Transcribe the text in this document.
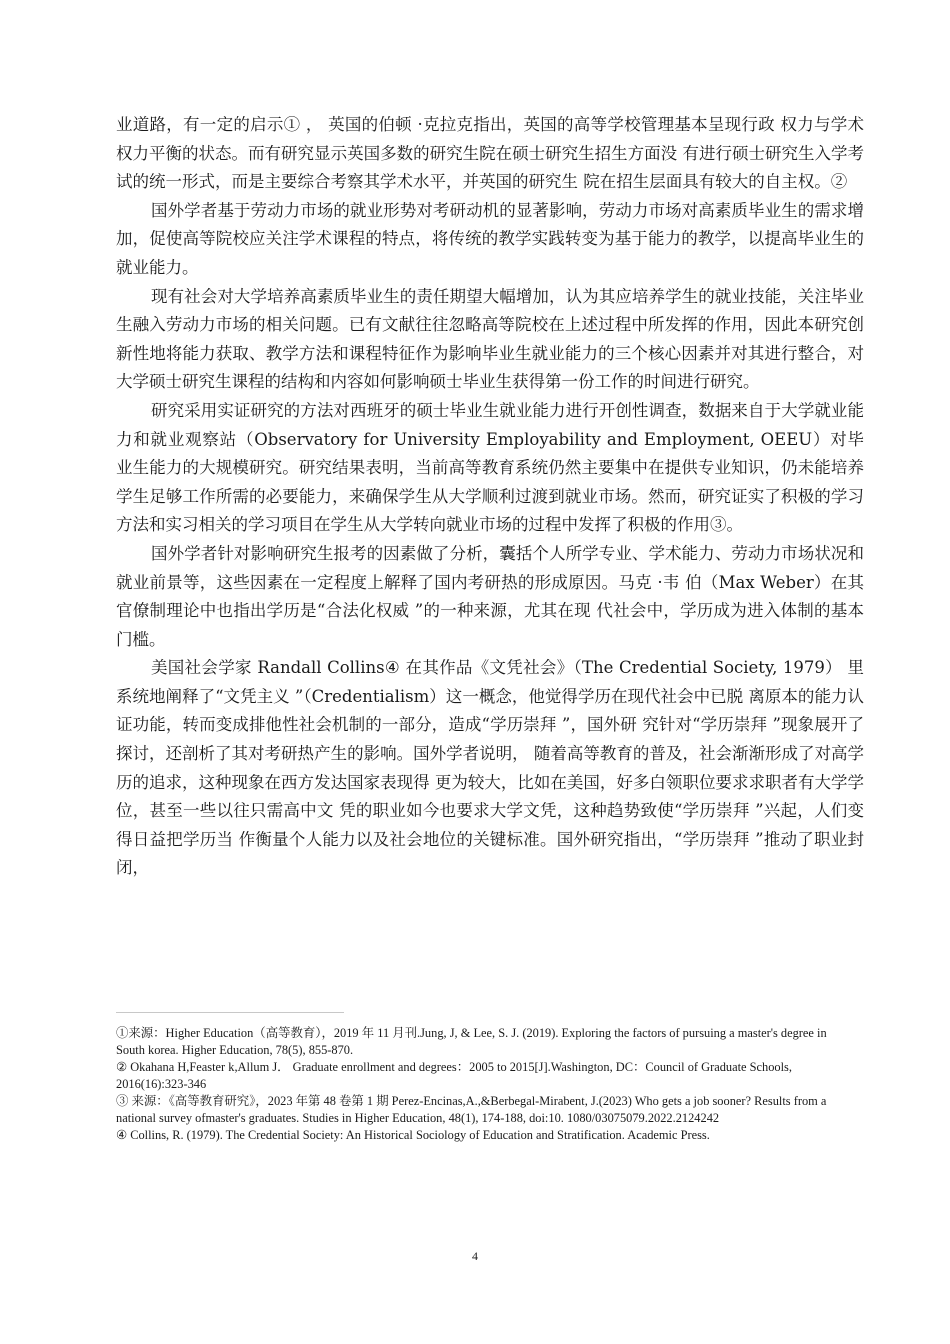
业道路，有一定的启示① ， 英国的伯顿 ·克拉克指出，英国的高等学校管理基本呈现行政 权力与学术权力平衡的状态。而有研究显示英国多数的研究生院在硕士研究生招生方面没 有进行硕士研究生入学考试的统一形式，而是主要综合考察其学术水平，并英国的研究生 院在招生层面具有较大的自主权。②

国外学者基于劳动力市场的就业形势对考研动机的显著影响，劳动力市场对高素质毕业生的需求增加，促使高等院校应关注学术课程的特点，将传统的教学实践转变为基于能力的教学，以提高毕业生的就业能力。

现有社会对大学培养高素质毕业生的责任期望大幅增加，认为其应培养学生的就业技能，关注毕业生融入劳动力市场的相关问题。已有文献往往忽略高等院校在上述过程中所发挥的作用，因此本研究创新性地将能力获取、教学方法和课程特征作为影响毕业生就业能力的三个核心因素并对其进行整合，对大学硕士研究生课程的结构和内容如何影响硕士毕业生获得第一份工作的时间进行研究。

研究采用实证研究的方法对西班牙的硕士毕业生就业能力进行开创性调查，数据来自于大学就业能力和就业观察站（Observatory for University Employability and Employment, OEEU）对毕业生能力的大规模研究。研究结果表明，当前高等教育系统仍然主要集中在提供专业知识，仍未能培养学生足够工作所需的必要能力，来确保学生从大学顺利过渡到就业市场。然而，研究证实了积极的学习方法和实习相关的学习项目在学生从大学转向就业市场的过程中发挥了积极的作用③。

国外学者针对影响研究生报考的因素做了分析，囊括个人所学专业、学术能力、劳动力市场状况和就业前景等，这些因素在一定程度上解释了国内考研热的形成原因。马克 ·韦 伯（Max Weber）在其官僚制理论中也指出学历是“合法化权威 ”的一种来源，尤其在现 代社会中，学历成为进入体制的基本门槛。

美国社会学家 Randall Collins④ 在其作品《文凭社会》（The Credential Society, 1979） 里系统地阐释了“文凭主义 ”（Credentialism）这一概念，他觉得学历在现代社会中已脱 离原本的能力认证功能，转而变成排他性社会机制的一部分，造成“学历崇拜 ”，国外研 究针对“学历崇拜 ”现象展开了探讨，还剖析了其对考研热产生的影响。国外学者说明， 随着高等教育的普及，社会渐渐形成了对高学历的追求，这种现象在西方发达国家表现得 更为较大，比如在美国，好多白领职位要求求职者有大学学位，甚至一些以往只需高中文 凭的职业如今也要求大学文凭，这种趋势致使“学历崇拜 ”兴起，人们变得日益把学历当 作衡量个人能力以及社会地位的关键标准。国外研究指出，“学历崇拜 ”推动了职业封闭，

①来源：Higher Education（高等教育），2019 年 11 月刊.Jung, J, & Lee, S. J. (2019). Exploring the factors of pursuing a master's degree in South korea. Higher Education, 78(5), 855-870.

② Okahana H,Feaster k,Allum J． Graduate enrollment and degrees：2005 to 2015[J].Washington, DC：Council of Graduate Schools, 2016(16):323-346

③ 来源：《高等教育研究》，2023 年第 48 卷第 1 期 Perez-Encinas,A.,&Berbegal-Mirabent, J.(2023) Who gets a job sooner? Results from a national survey ofmaster's graduates. Studies in Higher Education, 48(1), 174-188, doi:10. 1080/03075079.2022.2124242

④ Collins, R. (1979). The Credential Society: An Historical Sociology of Education and Stratification. Academic Press.

4
